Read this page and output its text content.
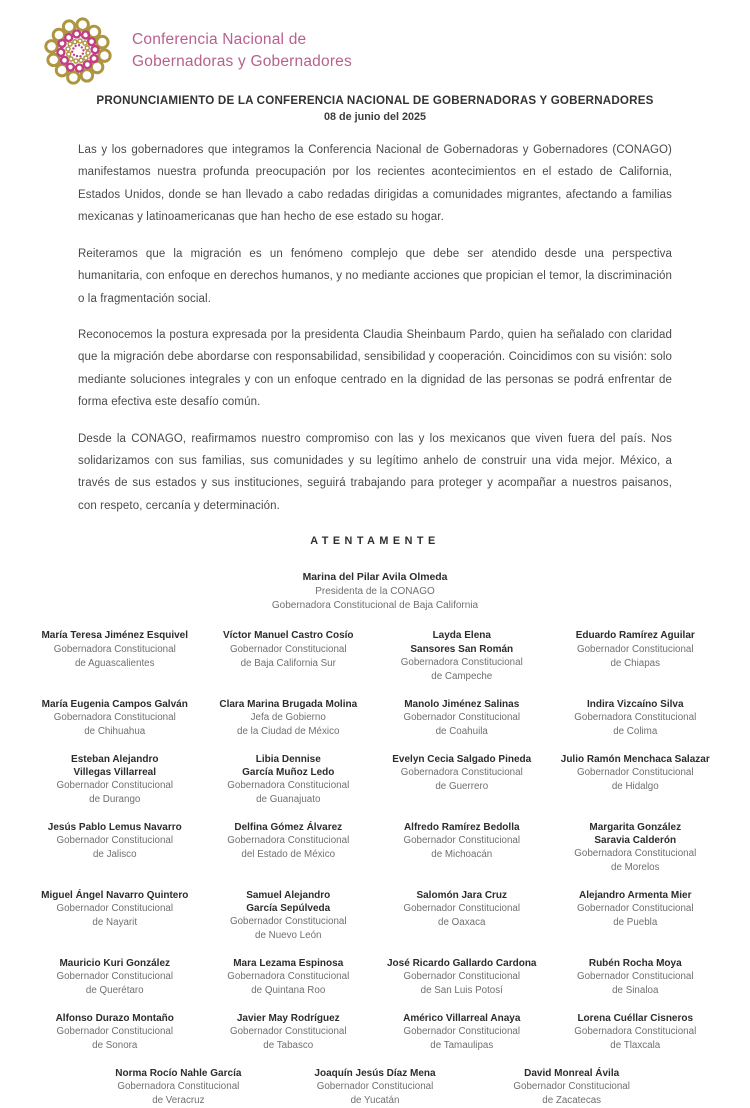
Conferencia Nacional de
Gobernadoras y Gobernadores
PRONUNCIAMIENTO DE LA CONFERENCIA NACIONAL DE GOBERNADORAS Y GOBERNADORES
08 de junio del 2025

Las y los gobernadores que integramos la Conferencia Nacional de Gobernadoras y Gobernadores (CONAGO) manifestamos nuestra profunda preocupación por los recientes acontecimientos en el estado de California, Estados Unidos, donde se han llevado a cabo redadas dirigidas a comunidades migrantes, afectando a familias mexicanas y latinoamericanas que han hecho de ese estado su hogar.

Reiteramos que la migración es un fenómeno complejo que debe ser atendido desde una perspectiva humanitaria, con enfoque en derechos humanos, y no mediante acciones que propician el temor, la discriminación o la fragmentación social.

Reconocemos la postura expresada por la presidenta Claudia Sheinbaum Pardo, quien ha señalado con claridad que la migración debe abordarse con responsabilidad, sensibilidad y cooperación. Coincidimos con su visión: solo mediante soluciones integrales y con un enfoque centrado en la dignidad de las personas se podrá enfrentar de forma efectiva este desafío común.

Desde la CONAGO, reafirmamos nuestro compromiso con las y los mexicanos que viven fuera del país. Nos solidarizamos con sus familias, sus comunidades y su legítimo anhelo de construir una vida mejor. México, a través de sus estados y sus instituciones, seguirá trabajando para proteger y acompañar a nuestros paisanos, con respeto, cercanía y determinación.

ATENTAMENTE
Marina del Pilar Avila Olmeda
Presidenta de la CONAGO
Gobernadora Constitucional de Baja California
María Teresa Jiménez Esquivel
Gobernadora Constitucional
de Aguascalientes
Víctor Manuel Castro Cosío
Gobernador Constitucional
de Baja California Sur
Layda Elena
Sansores San Román
Gobernadora Constitucional
de Campeche
Eduardo Ramírez Aguilar
Gobernador Constitucional
de Chiapas
María Eugenia Campos Galván
Gobernadora Constitucional
de Chihuahua
Clara Marina Brugada Molina
Jefa de Gobierno
de la Ciudad de México
Manolo Jiménez Salinas
Gobernador Constitucional
de Coahuila
Indira Vizcaíno Silva
Gobernadora Constitucional
de Colima
Esteban Alejandro
Villegas Villarreal
Gobernador Constitucional
de Durango
Libia Dennise
García Muñoz Ledo
Gobernadora Constitucional
de Guanajuato
Evelyn Cecia Salgado Pineda
Gobernadora Constitucional
de Guerrero
Julio Ramón Menchaca Salazar
Gobernador Constitucional
de Hidalgo
Jesús Pablo Lemus Navarro
Gobernador Constitucional
de Jalisco
Delfina Gómez Álvarez
Gobernadora Constitucional
del Estado de México
Alfredo Ramírez Bedolla
Gobernador Constitucional
de Michoacán
Margarita González
Saravia Calderón
Gobernadora Constitucional
de Morelos
Miguel Ángel Navarro Quintero
Gobernador Constitucional
de Nayarit
Samuel Alejandro
García Sepúlveda
Gobernador Constitucional
de Nuevo León
Salomón Jara Cruz
Gobernador Constitucional
de Oaxaca
Alejandro Armenta Mier
Gobernador Constitucional
de Puebla
Mauricio Kuri González
Gobernador Constitucional
de Querétaro
Mara Lezama Espinosa
Gobernadora Constitucional
de Quintana Roo
José Ricardo Gallardo Cardona
Gobernador Constitucional
de San Luis Potosí
Rubén Rocha Moya
Gobernador Constitucional
de Sinaloa
Alfonso Durazo Montaño
Gobernador Constitucional
de Sonora
Javier May Rodríguez
Gobernador Constitucional
de Tabasco
Américo Villarreal Anaya
Gobernador Constitucional
de Tamaulipas
Lorena Cuéllar Cisneros
Gobernadora Constitucional
de Tlaxcala
Norma Rocío Nahle García
Gobernadora Constitucional
de Veracruz
Joaquín Jesús Díaz Mena
Gobernador Constitucional
de Yucatán
David Monreal Ávila
Gobernador Constitucional
de Zacatecas
